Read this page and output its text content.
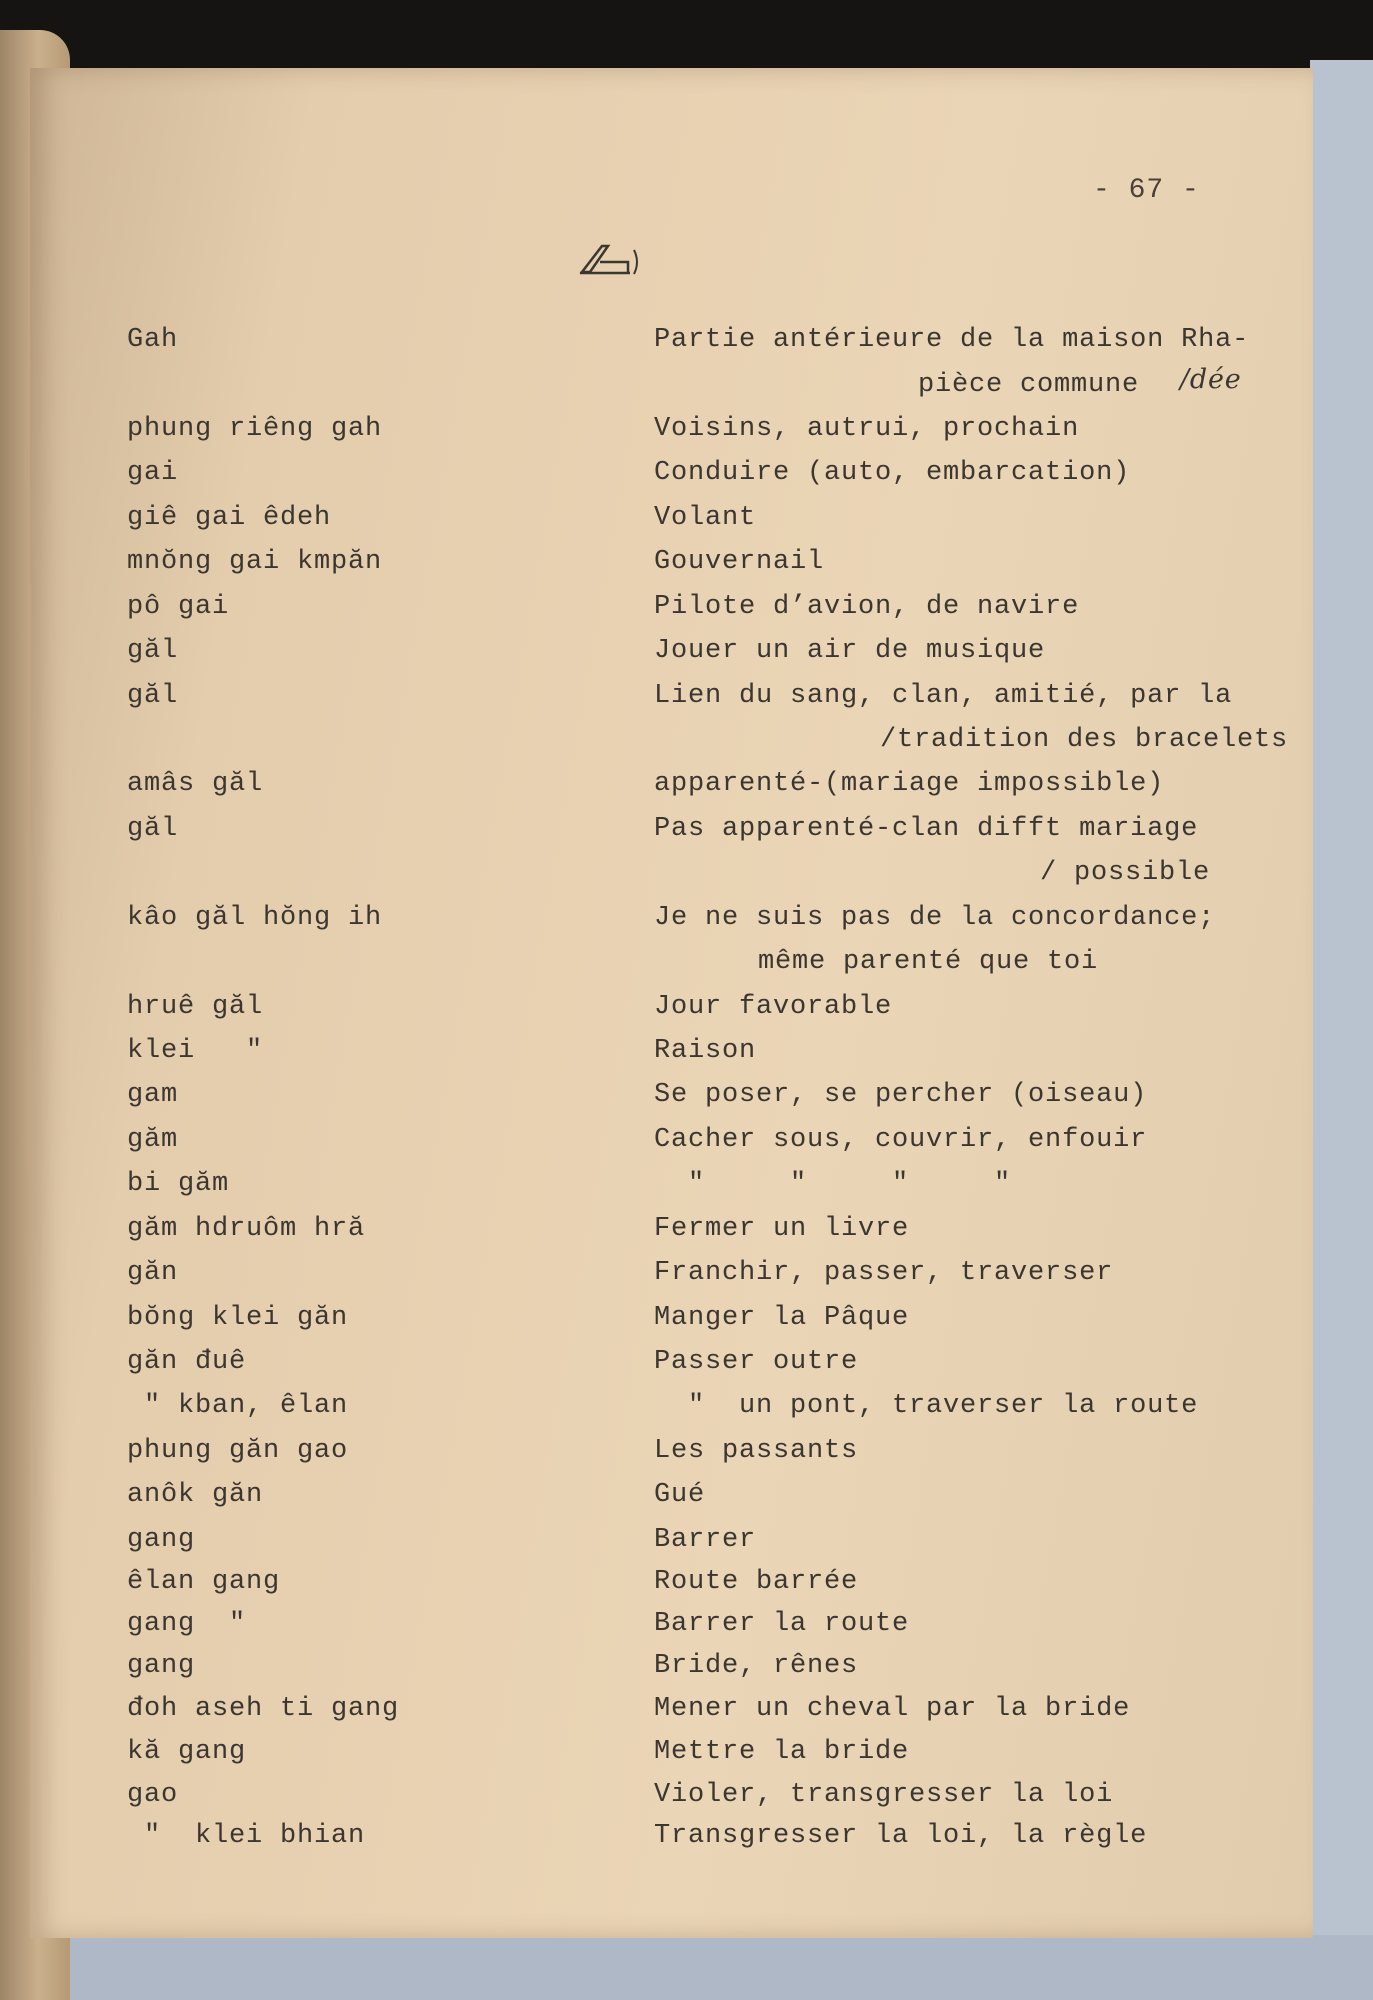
- 67 -

Gah

	Partie antérieure de la maison Rha-

pièce commune

/dée

phung riêng gah

	Voisins, autrui, prochain

gai

	Conduire (auto, embarcation)

giê gai êdeh

	Volant

mnŏng gai kmpăn

	Gouvernail

pô gai

	Pilote d’avion, de navire

găl

	Jouer un air de musique

găl

	Lien du sang, clan, amitié, par la

/tradition des bracelets

amâs găl

	apparenté-(mariage impossible)

găl

	Pas apparenté-clan difft mariage

/ possible

kâo găl hŏng ih

	Je ne suis pas de la concordance;

même parenté que toi

hruê găl

	Jour favorable

klei   "

	Raison

gam

	Se poser, se percher (oiseau)

găm

	Cacher sous, couvrir, enfouir

bi găm

	"     "     "     "

găm hdruôm hră

	Fermer un livre

găn

	Franchir, passer, traverser

bŏng klei găn

	Manger la Pâque

găn đuê

	Passer outre

" kban, êlan

	"  un pont, traverser la route

phung găn gao

	Les passants

anôk găn

	Gué

gang

	Barrer

êlan gang

	Route barrée

gang  "

	Barrer la route

gang

	Bride, rênes

đoh aseh ti gang

	Mener un cheval par la bride

kă gang

	Mettre la bride

gao

	Violer, transgresser la loi

"  klei bhian

	Transgresser la loi, la règle
